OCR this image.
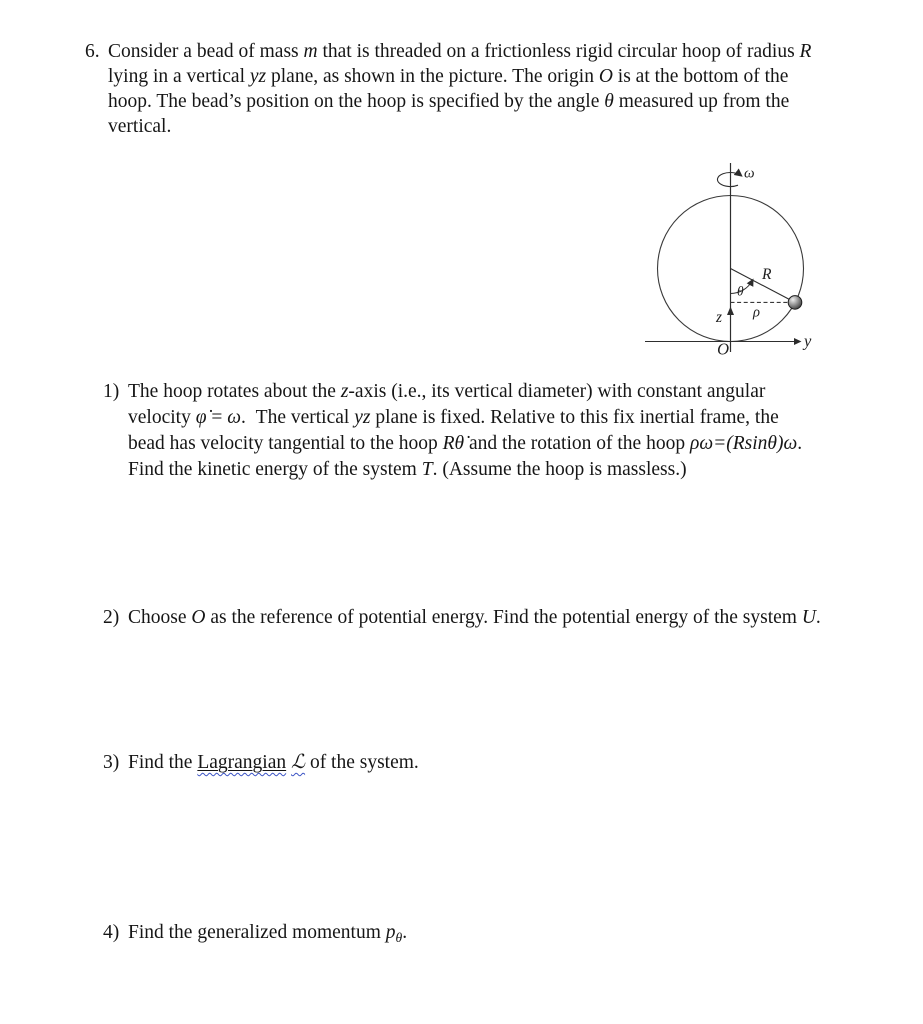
6. Consider a bead of mass m that is threaded on a frictionless rigid circular hoop of radius R
lying in a vertical yz plane, as shown in the picture. The origin O is at the bottom of the
hoop. The bead’s position on the hoop is specified by the angle θ measured up from the
vertical.
ω
R
θ
ρ
z
y
O
1) The hoop rotates about the z-axis (i.e., its vertical diameter) with constant angular
velocity φ̇ = ω.  The vertical yz plane is fixed. Relative to this fix inertial frame, the
bead has velocity tangential to the hoop Rθ̇ and the rotation of the hoop ρω=(Rsinθ)ω.
Find the kinetic energy of the system T. (Assume the hoop is massless.)
2) Choose O as the reference of potential energy. Find the potential energy of the system U.
3) Find the Lagrangian ℒ of the system.
4) Find the generalized momentum $p_\theta$.
